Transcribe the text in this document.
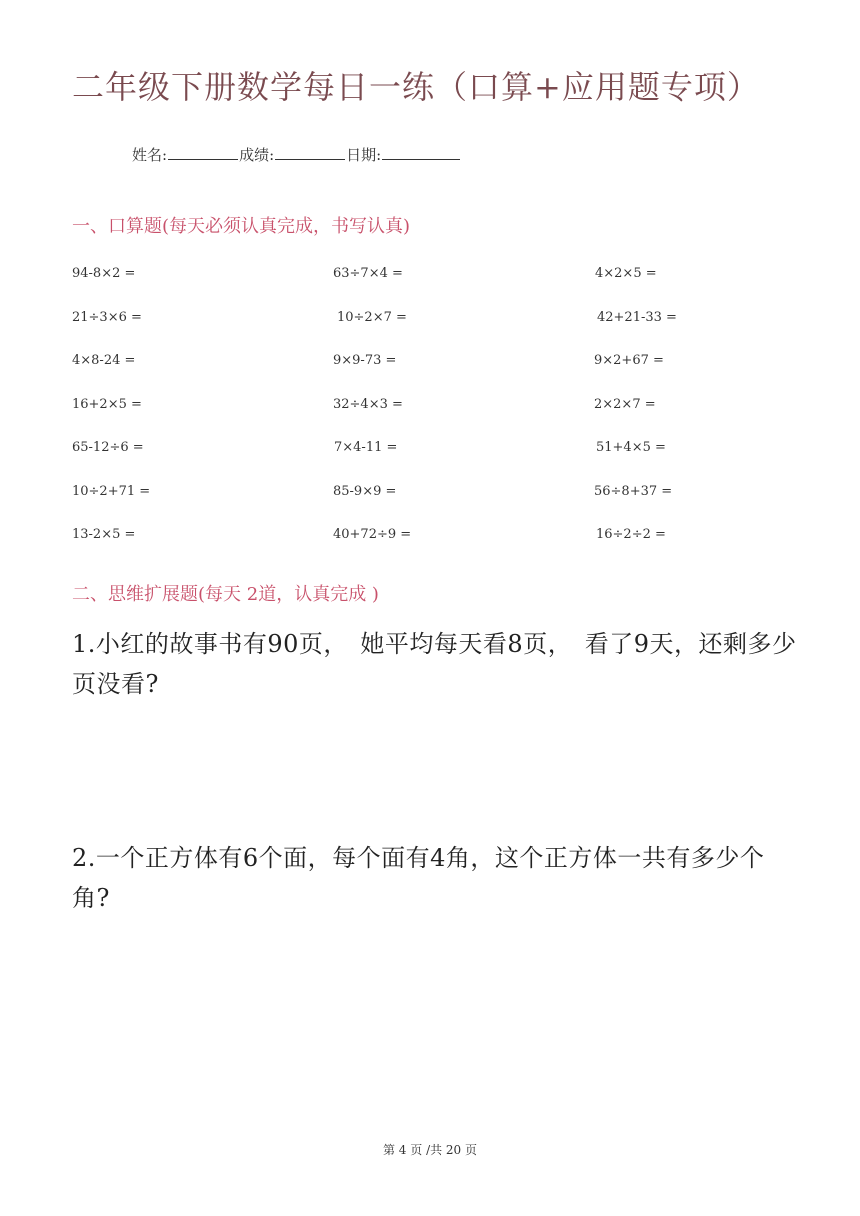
二年级下册数学每日一练（口算+应用题专项）
姓名:	成绩:	日期:
一、口算题(每天必须认真完成，书写认真)
94-8×2 =	63÷7×4 =	4×2×5 =
21÷3×6 =	10÷2×7 =	42+21-33 =
4×8-24 =	9×9-73 =	9×2+67 =
16+2×5 =	32÷4×3 =	2×2×7 =
65-12÷6 =	7×4-11 =	51+4×5 =
10÷2+71 =	85-9×9 =	56÷8+37 =
13-2×5 =	40+72÷9 =	16÷2÷2 =
二、思维扩展题(每天 2道，认真完成 )

1.小红的故事书有90页，　她平均每天看8页，　看了9天，还剩多少页没看?

2.一个正方体有6个面，每个面有4角，这个正方体一共有多少个角?

第 4 页 /共 20 页
